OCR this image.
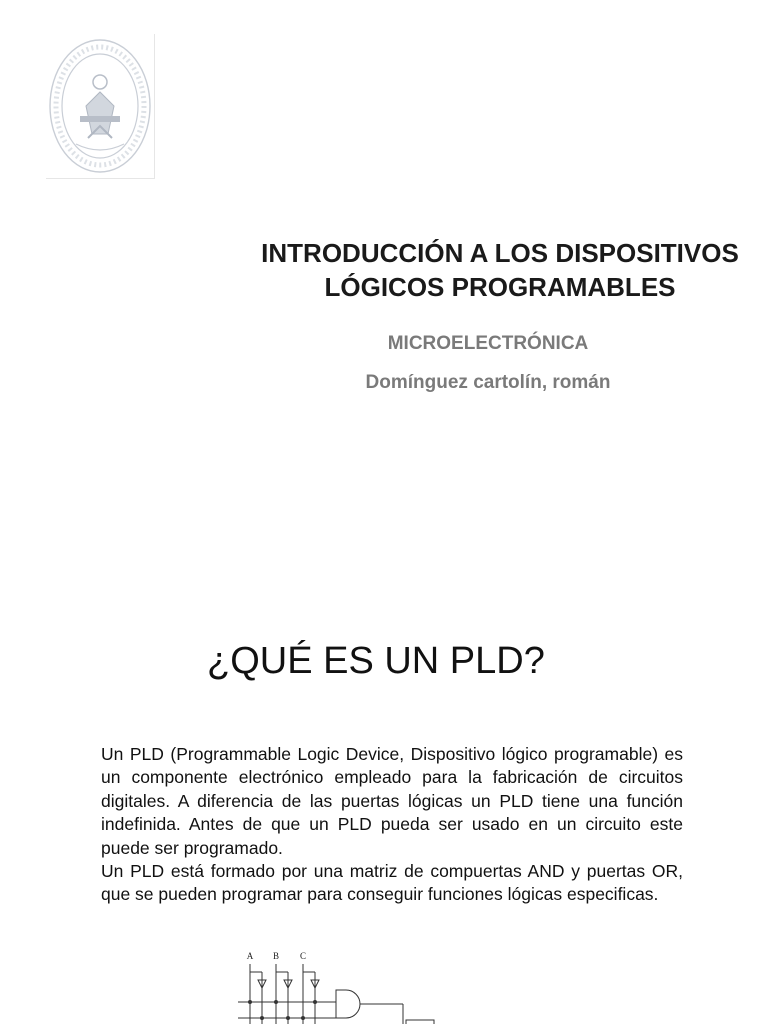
INTRODUCCIÓN A LOS DISPOSITIVOS
LÓGICOS PROGRAMABLES
MICROELECTRÓNICA
Domínguez cartolín, román
¿QUÉ ES UN PLD?

Un PLD (Programmable Logic Device, Dispositivo lógico programable) es un componente electrónico empleado para la fabricación de circuitos digitales. A diferencia de las puertas lógicas un PLD tiene una función indefinida. Antes de que un PLD pueda ser usado en un circuito este puede ser programado.

Un PLD está formado por una matriz de compuertas AND y puertas OR, que se pueden programar para conseguir funciones lógicas especificas.

A B C
